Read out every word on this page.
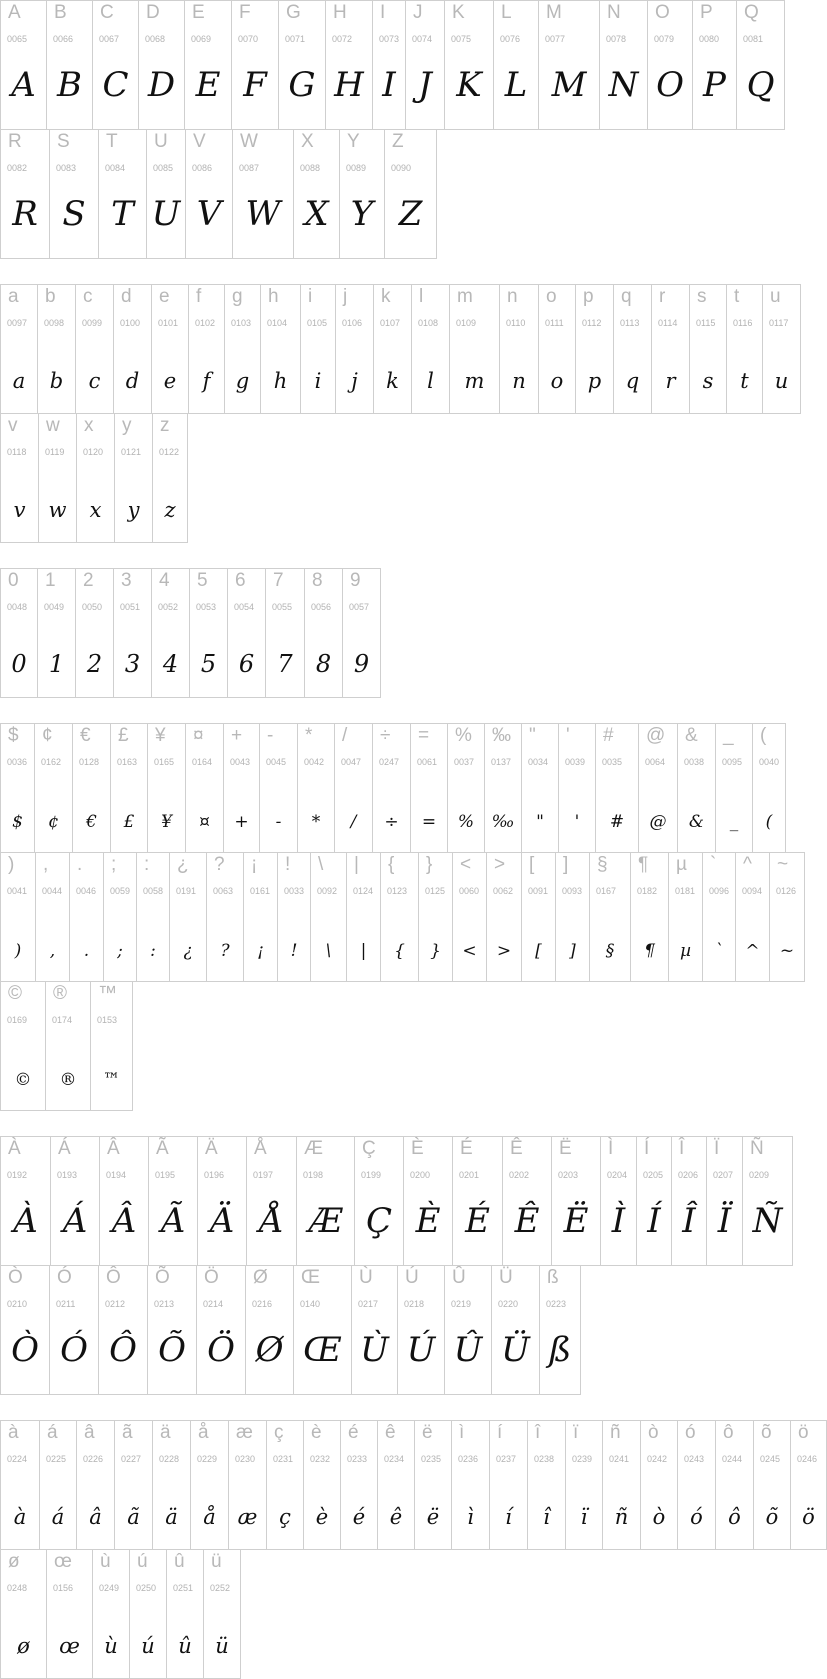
A
0065
A
B
0066
B
C
0067
C
D
0068
D
E
0069
E
F
0070
F
G
0071
G
H
0072
H
I
0073
I
J
0074
J
K
0075
K
L
0076
L
M
0077
M
N
0078
N
O
0079
O
P
0080
P
Q
0081
Q
R
0082
R
S
0083
S
T
0084
T
U
0085
U
V
0086
V
W
0087
W
X
0088
X
Y
0089
Y
Z
0090
Z
a
0097
a
b
0098
b
c
0099
c
d
0100
d
e
0101
e
f
0102
f
g
0103
g
h
0104
h
i
0105
i
j
0106
j
k
0107
k
l
0108
l
m
0109
m
n
0110
n
o
0111
o
p
0112
p
q
0113
q
r
0114
r
s
0115
s
t
0116
t
u
0117
u
v
0118
v
w
0119
w
x
0120
x
y
0121
y
z
0122
z
0
0048
0
1
0049
1
2
0050
2
3
0051
3
4
0052
4
5
0053
5
6
0054
6
7
0055
7
8
0056
8
9
0057
9
$
0036
$
¢
0162
¢
€
0128
€
£
0163
£
¥
0165
¥
¤
0164
¤
+
0043
+
-
0045
-
*
0042
*
/
0047
/
÷
0247
÷
=
0061
=
%
0037
%
‰
0137
‰
"
0034
"
'
0039
'
#
0035
#
@
0064
@
&
0038
&
_
0095
_
(
0040
(
)
0041
)
,
0044
,
.
0046
.
;
0059
;
:
0058
:
¿
0191
¿
?
0063
?
¡
0161
¡
!
0033
!
\
0092
\
|
0124
|
{
0123
{
}
0125
}
<
0060
<
>
0062
>
[
0091
[
]
0093
]
§
0167
§
¶
0182
¶
µ
0181
µ
`
0096
`
^
0094
^
~
0126
~
©
0169
©
®
0174
®
™
0153
™
À
0192
À
Á
0193
Á
Â
0194
Â
Ã
0195
Ã
Ä
0196
Ä
Å
0197
Å
Æ
0198
Æ
Ç
0199
Ç
È
0200
È
É
0201
É
Ê
0202
Ê
Ë
0203
Ë
Ì
0204
Ì
Í
0205
Í
Î
0206
Î
Ï
0207
Ï
Ñ
0209
Ñ
Ò
0210
Ò
Ó
0211
Ó
Ô
0212
Ô
Õ
0213
Õ
Ö
0214
Ö
Ø
0216
Ø
Œ
0140
Œ
Ù
0217
Ù
Ú
0218
Ú
Û
0219
Û
Ü
0220
Ü
ß
0223
ß
à
0224
à
á
0225
á
â
0226
â
ã
0227
ã
ä
0228
ä
å
0229
å
æ
0230
æ
ç
0231
ç
è
0232
è
é
0233
é
ê
0234
ê
ë
0235
ë
ì
0236
ì
í
0237
í
î
0238
î
ï
0239
ï
ñ
0241
ñ
ò
0242
ò
ó
0243
ó
ô
0244
ô
õ
0245
õ
ö
0246
ö
ø
0248
ø
œ
0156
œ
ù
0249
ù
ú
0250
ú
û
0251
û
ü
0252
ü
